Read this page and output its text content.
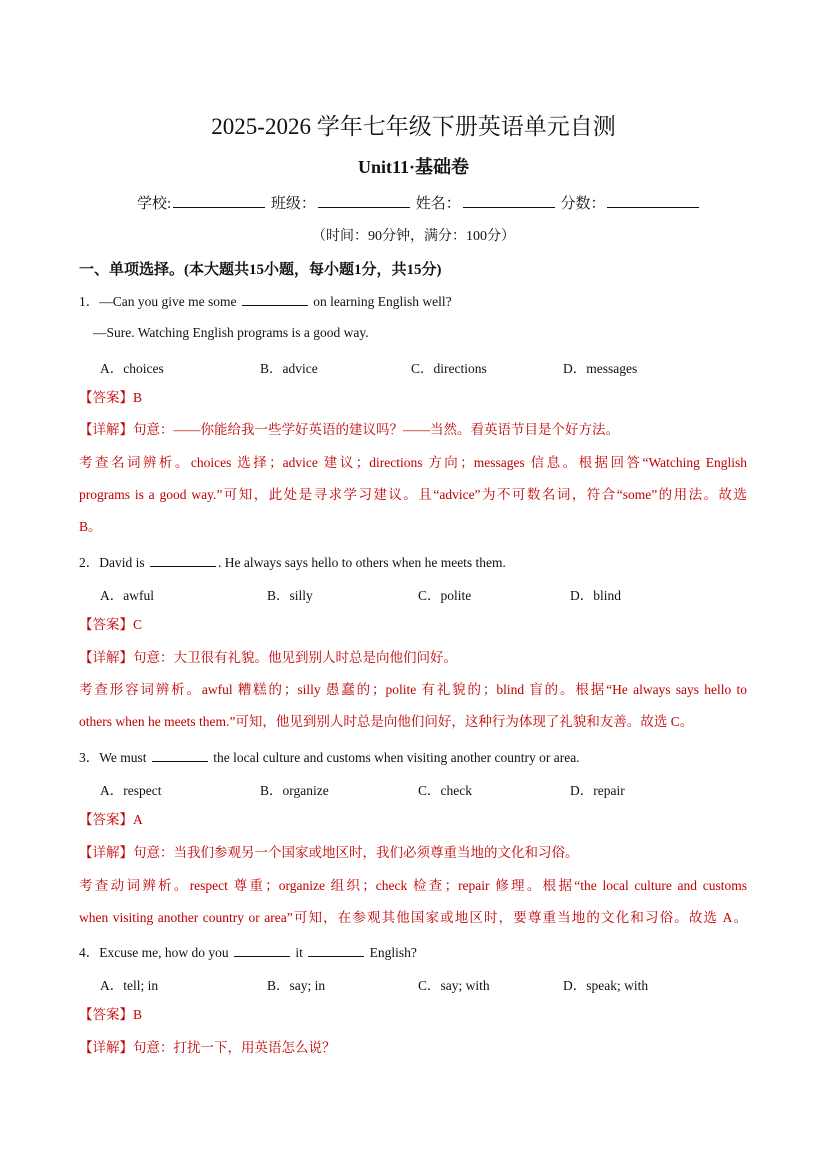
2025-2026 学年七年级下册英语单元自测
Unit11·基础卷
学校:	班级：	姓名：	分数：
（时间：90分钟，满分：100分）
一、单项选择。(本大题共15小题，每小题1分，共15分)
1．—Can you give me some	on learning English well?
—Sure. Watching English programs is a good way.
A．choices	B．advice	C．directions	D．messages
【答案】B
【详解】句意：——你能给我一些学好英语的建议吗？——当然。看英语节目是个好方法。
考查名词辨析。choices 选择；advice 建议；directions 方向；messages 信息。根据回答“Watching English
programs is a good way.”可知，此处是寻求学习建议。且“advice”为不可数名词，符合“some”的用法。故选
B。
2．David is	. He always says hello to others when he meets them.
A．awful	B．silly	C．polite	D．blind
【答案】C
【详解】句意：大卫很有礼貌。他见到别人时总是向他们问好。
考查形容词辨析。awful 糟糕的；silly 愚蠢的；polite 有礼貌的；blind 盲的。根据“He always says hello to
others when he meets them.”可知，他见到别人时总是向他们问好，这种行为体现了礼貌和友善。故选 C。
3．We must	the local culture and customs when visiting another country or area.
A．respect	B．organize	C．check	D．repair
【答案】A
【详解】句意：当我们参观另一个国家或地区时，我们必须尊重当地的文化和习俗。
考查动词辨析。respect 尊重；organize 组织；check 检查；repair 修理。根据“the local culture and customs
when visiting another country or area”可知，在参观其他国家或地区时，要尊重当地的文化和习俗。故选 A。
4．Excuse me, how do you	it	English?
A．tell; in	B．say; in	C．say; with	D．speak; with
【答案】B
【详解】句意：打扰一下，用英语怎么说？
